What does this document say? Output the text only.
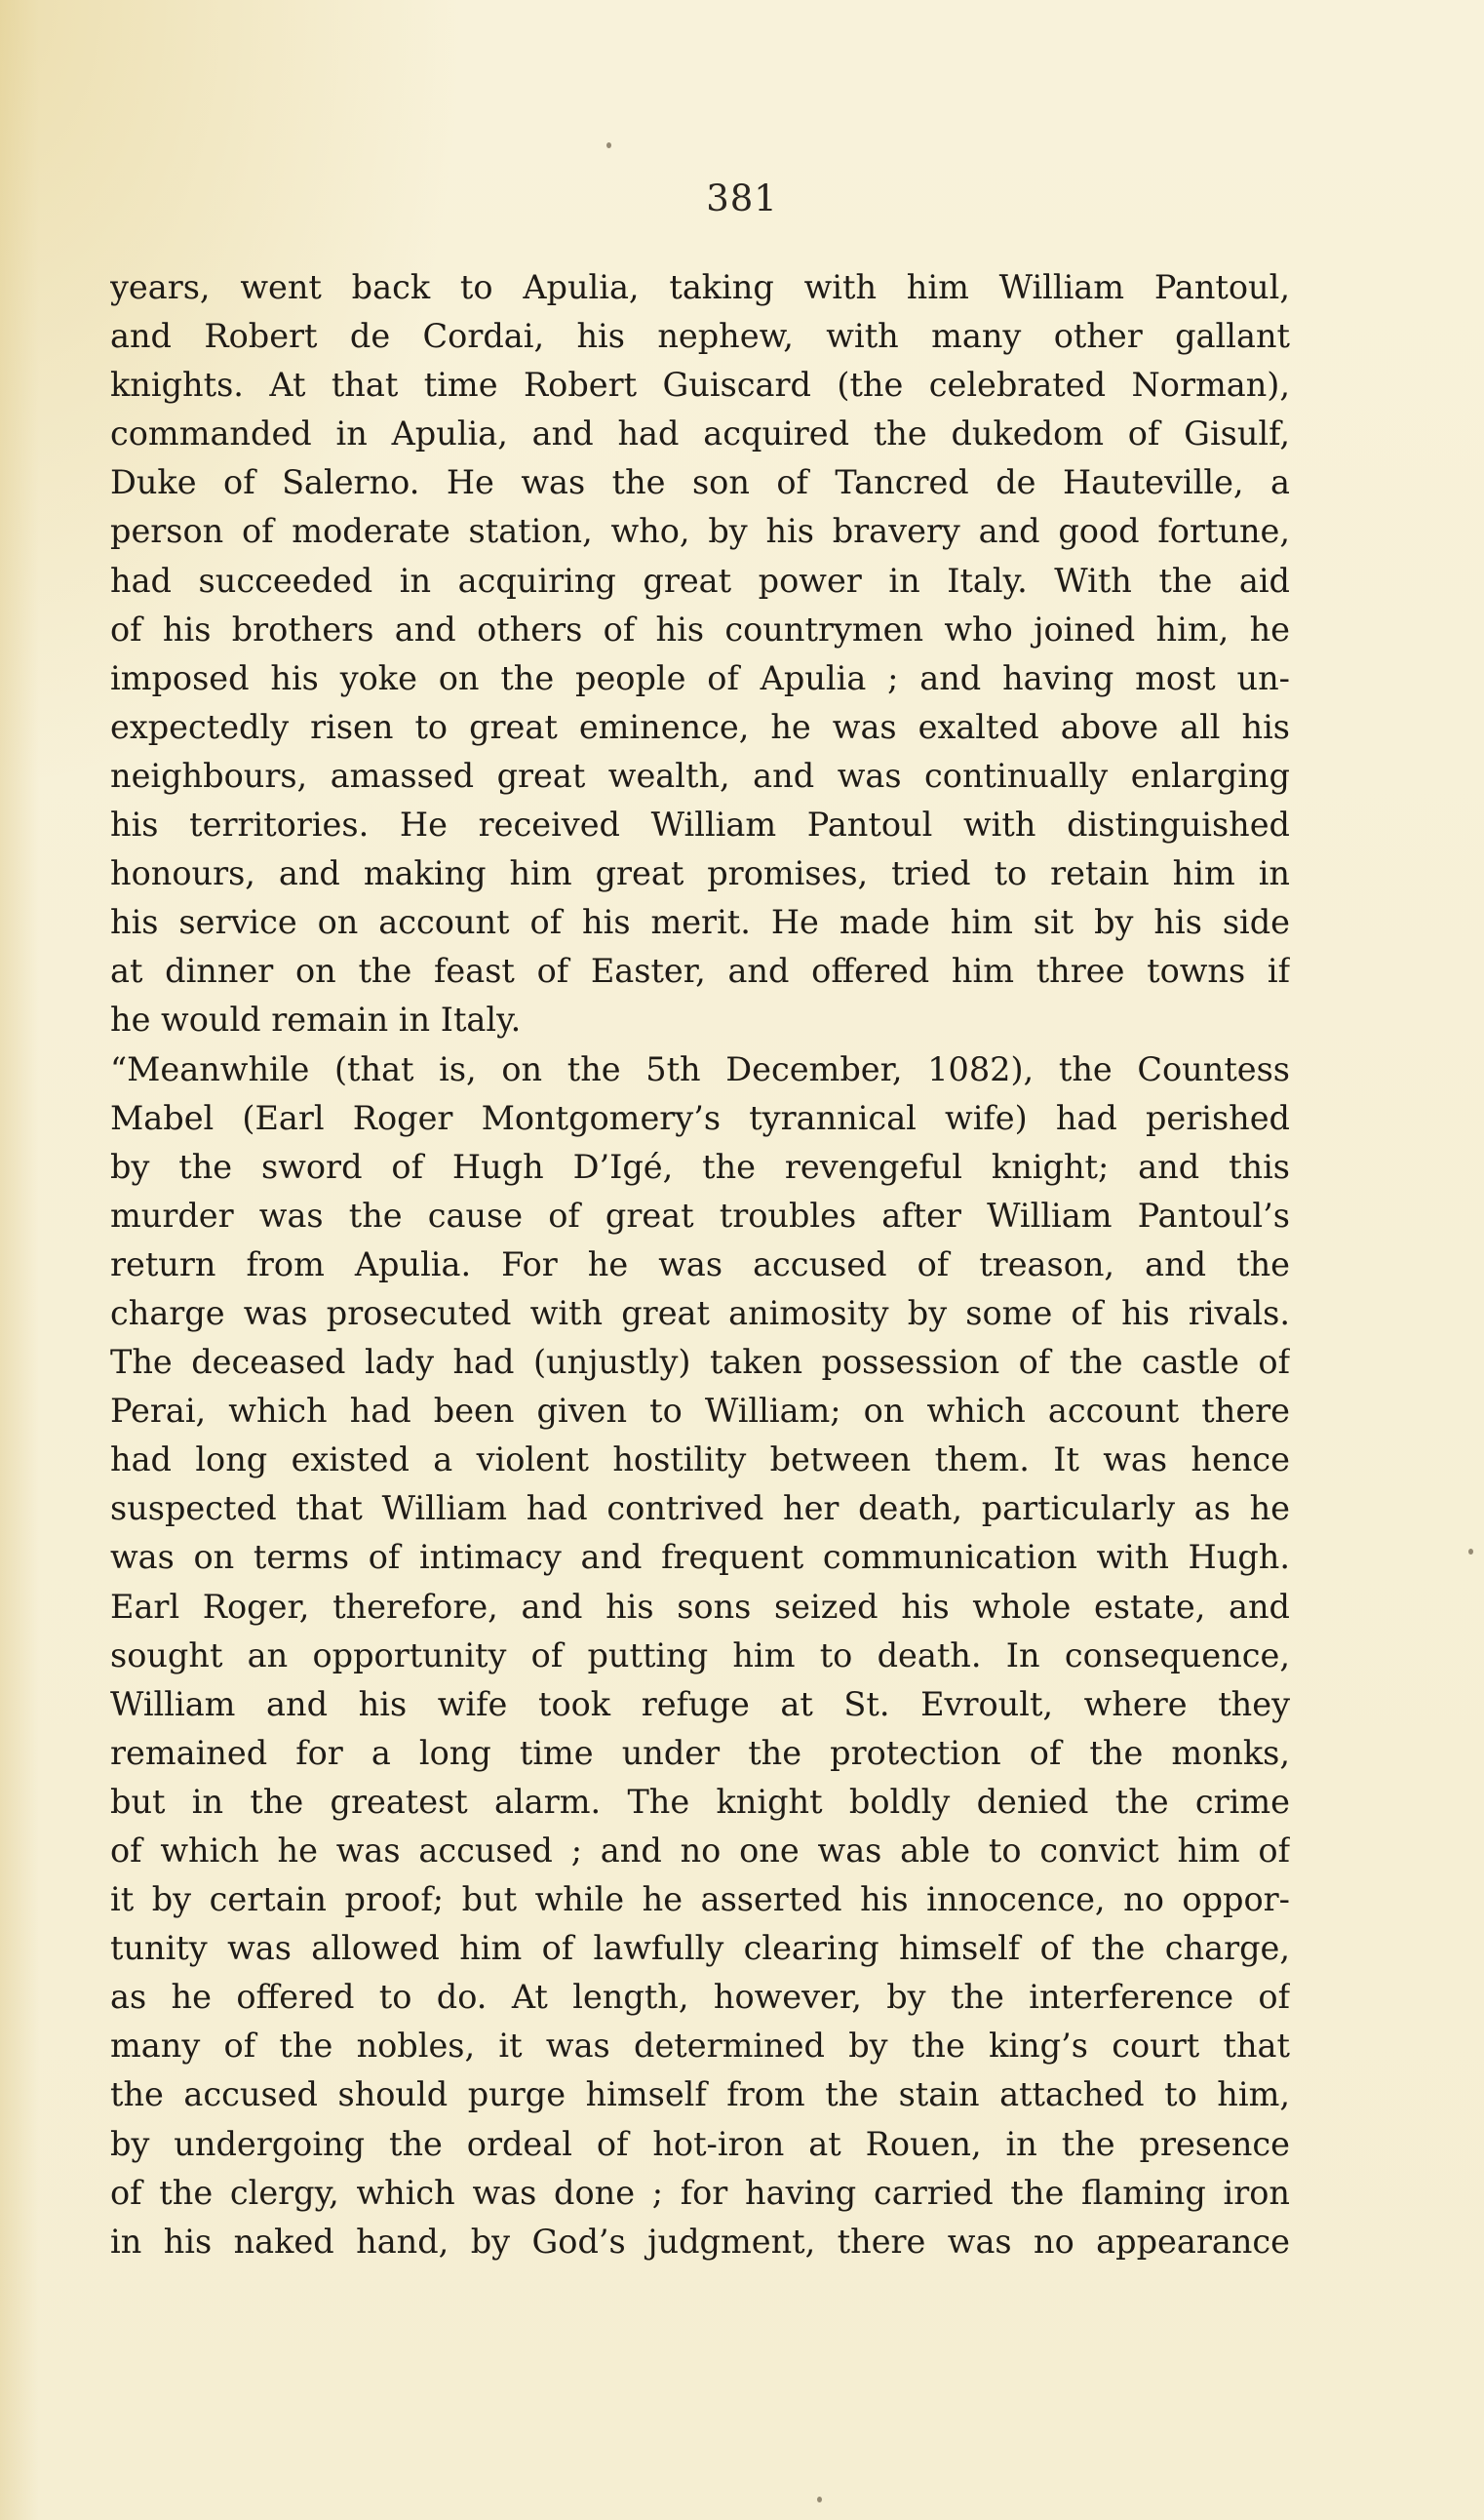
381
years, went back to Apulia, taking with him William Pantoul,
and Robert de Cordai, his nephew, with many other gallant
knights. At that time Robert Guiscard (the celebrated Norman),
commanded in Apulia, and had acquired the dukedom of Gisulf,
Duke of Salerno. He was the son of Tancred de Hauteville, a
person of moderate station, who, by his bravery and good fortune,
had succeeded in acquiring great power in Italy. With the aid
of his brothers and others of his countrymen who joined him, he
imposed his yoke on the people of Apulia ; and having most un-
expectedly risen to great eminence, he was exalted above all his
neighbours, amassed great wealth, and was continually enlarging
his territories. He received William Pantoul with distinguished
honours, and making him great promises, tried to retain him in
his service on account of his merit. He made him sit by his side
at dinner on the feast of Easter, and offered him three towns if
he would remain in Italy.
“Meanwhile (that is, on the 5th December, 1082), the Countess
Mabel (Earl Roger Montgomery’s tyrannical wife) had perished
by the sword of Hugh D’Igé, the revengeful knight; and this
murder was the cause of great troubles after William Pantoul’s
return from Apulia. For he was accused of treason, and the
charge was prosecuted with great animosity by some of his rivals.
The deceased lady had (unjustly) taken possession of the castle of
Perai, which had been given to William; on which account there
had long existed a violent hostility between them. It was hence
suspected that William had contrived her death, particularly as he
was on terms of intimacy and frequent communication with Hugh.
Earl Roger, therefore, and his sons seized his whole estate, and
sought an opportunity of putting him to death. In consequence,
William and his wife took refuge at St. Evroult, where they
remained for a long time under the protection of the monks,
but in the greatest alarm. The knight boldly denied the crime
of which he was accused ; and no one was able to convict him of
it by certain proof; but while he asserted his innocence, no oppor-
tunity was allowed him of lawfully clearing himself of the charge,
as he offered to do. At length, however, by the interference of
many of the nobles, it was determined by the king’s court that
the accused should purge himself from the stain attached to him,
by undergoing the ordeal of hot-iron at Rouen, in the presence
of the clergy, which was done ; for having carried the flaming iron
in his naked hand, by God’s judgment, there was no appearance
